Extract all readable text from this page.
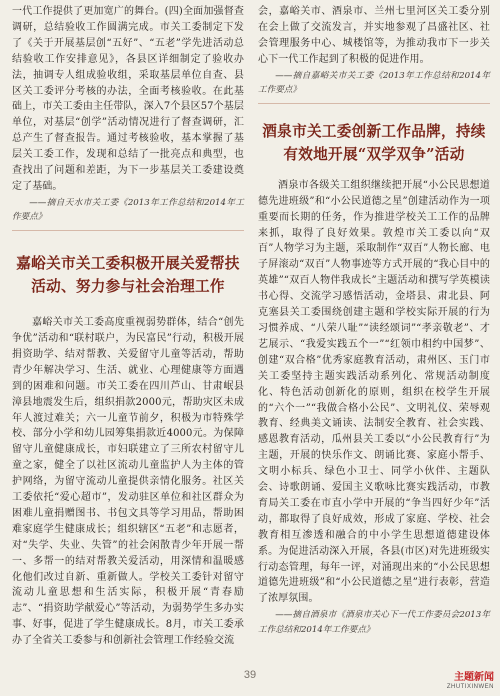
一代工作提供了更加宽广的舞台。(四)全面加强督查调研，总结验收工作圆满完成。市关工委制定下发了《关于开展基层创“五好”、“五老”学先进活动总结验收工作安排意见》，各县区详细制定了验收办法，抽调专人组成验收组，采取基层单位自查、县区关工委评分考核的办法，全面考核验收。在此基础上，市关工委由主任带队，深入7个县区57个基层单位，对基层“创学”活动情况进行了督查调研，汇总产生了督查报告。通过考核验收，基本掌握了基层关工委工作，发现和总结了一批亮点和典型，也查找出了问题和差距，为下一步基层关工委建设奠定了基础。

——摘自天水市关工委《2013年工作总结和2014年工作要点》

嘉峪关市关工委积极开展关爱帮扶活动、努力参与社会治理工作

嘉峪关市关工委高度重视弱势群体，结合“创先争优”活动和“联村联户，为民富民”行动，积极开展捐资助学、结对帮教、关爱留守儿童等活动，帮助青少年解决学习、生活、就业、心理健康等方面遇到的困难和问题。市关工委在四川芦山、甘肃岷县漳县地震发生后，组织捐款2000元，帮助灾区未成年人渡过难关；六一儿童节前夕，积极为市特殊学校、部分小学和幼儿园筹集捐款近4000元。为保障留守儿童健康成长，市妇联建立了三所农村留守儿童之家，健全了以社区流动儿童监护人为主体的管护网络，为留守流动儿童提供亲情化服务。社区关工委依托“爱心超市”，发动驻区单位和社区群众为困难儿童捐赠图书、书包文具等学习用品，帮助困难家庭学生健康成长；组织辖区“五老”和志愿者，对“失学、失业、失管”的社会闲散青少年开展一帮一、多帮一的结对帮教关爱活动，用深情和温暖感化他们改过自新、重新做人。学校关工委针对留守流动儿童思想和生活实际，积极开展“青春励志”、“捐资助学献爱心”等活动，为弱势学生多办实事、好事，促进了学生健康成长。8月，市关工委承办了全省关工委参与和创新社会管理工作经验交流

会，嘉峪关市、酒泉市、兰州七里河区关工委分别在会上做了交流发言，并实地参观了昌盛社区、社会管理服务中心、城楼馆等，为推动我市下一步关心下一代工作起到了积极的促进作用。

——摘自嘉峪关市关工委《2013年工作总结和2014年工作要点》

酒泉市关工委创新工作品牌，持续有效地开展“双学双争”活动

酒泉市各级关工组织继续把开展“小公民思想道德先进班级”和“小公民道德之星”创建活动作为一项重要而长期的任务，作为推进学校关工工作的品牌来抓，取得了良好效果。敦煌市关工委以向“双百”人物学习为主题，采取制作“双百”人物长廊、电子屏滚动“双百”人物事迹等方式开展的“我心目中的英雄”“双百人物伴我成长”主题活动和撰写学英模读书心得、交流学习感悟活动，金塔县、肃北县、阿克塞县关工委围绕创建主题和学校实际开展的行为习惯养成、“八荣八耻”“读经颂词”“孝亲敬老”、才艺展示、“我爱实践五个一”“红领巾相约中国梦”、创建“双合格”优秀家庭教育活动，肃州区、玉门市关工委坚持主题实践活动系列化、常规活动制度化、特色活动创新化的原则，组织在校学生开展的“六个一”“我做合格小公民”、文明礼仪、荣辱观教育、经典美文诵读、法制安全教育、社会实践、感恩教育活动，瓜州县关工委以“小公民教育行”为主题，开展的快乐作文、朗诵比赛、家庭小帮手、文明小标兵、绿色小卫士、同学小伙伴、主题队会、诗歌朗诵、爱国主义歌咏比赛实践活动，市教育局关工委在市直小学中开展的“争当四好少年”活动，都取得了良好成效，形成了家庭、学校、社会教育相互渗透和融合的中小学生思想道德建设体系。为促进活动深入开展，各县(市区)对先进班级实行动态管理，每年一评，对涌现出来的“小公民思想道德先进班级”和“小公民道德之星”进行表彰，营造了浓厚氛围。

——摘自酒泉市《酒泉市关心下一代工作委员会2013年工作总结和2014年工作要点》

39	主题新闻
ZHUTIXINWEN
